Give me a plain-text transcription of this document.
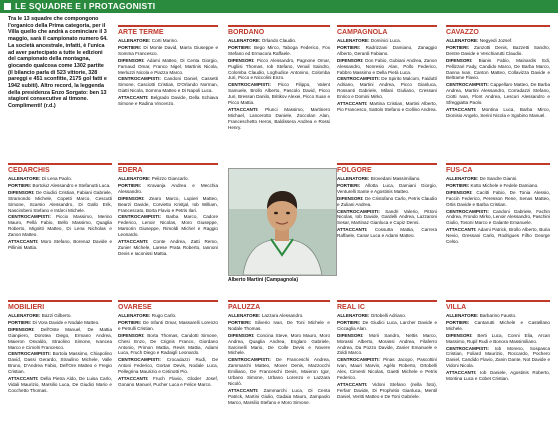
LE SQUADRE E I PROTAGONISTI
Tra le 13 squadre che compongono l'organico della Prima categoria, per il Villa quello che andrà a cominciare il 3 maggio, sarà il campionato numero 64. La società ancestrale, infatti, è l'unica ad aver partecipato a tutte le edizioni del campionato della montagna, giocando qualcosa come 1302 partite (il bilancio parla di 523 vittorie, 328 pareggi e 451 sconfitte, 2175 gol fatti e 1942 subiti). Altro record, la leggenda della presidenza Enzo Sorgato: ben 13 stagioni consecutive al timone. Complimenti! (r.d.)
Alberto Martini (Campagnola)
ARTE TERME

ALLENATORE: Corti Marino.

PORTIERI: Di Monte David, Marra Giuseppe e Somma Francesco.

DIFENSORI: Adami Matteo, Di Centa Giorgio, Farnaud Omar, Franco Nigel, Martinis Nicola, Merluzzi Nicola e Piazza Marco.

CENTROCAMPISTI: Candoni Daniel, Cassetti Simone, Casciotti Cristian, D'Orlando Norman, Giatti Nicola, Somma Matteo e Di Napoli Luca.

ATTACCANTI: Belgrado Davide, Della Schiava Simone e Radina Vincenzo.

BORDANO

ALLENATORE: Orlando Claudio.

PORTIERI: Bego Mirco, Taboga Federico, Fox Stefano ed Ermacora Raffaele.

DIFENSORI: Picco Alessandro, Pagnone Omar, Pugliisi Thomas, Iob Stefano, Venail Saindro, Colomba Claudio, Loghudice Antonino, Colomba Juri, Picco e Niccolini Enzo.

CENTROCAMPISTI: Picco Filippo, Valent Samuele, Brollo Alberto, Pascolo David, Picco Juri, Bressan Danilo, Britikov Alexei, Picco Suan e Picco Mattia.

ATTACCANTI: Plunci Massimo, Martinero Michael, Lancerotto Daniele, Zoccolan Alan, Franceschetto Heros, Baldissera Andrea e Rossi Henry.

CAMPAGNOLA

ALLENATORE: Dominici Luca.

PORTIERI: Radrizzani Damiano, Zanaggio Alberto, Gerardi Fabiano.

DIFENSORI: Don Fabio, Gubiani Andrea, Zanon Alessandro, Nonresio Alan, Pollo Federico, Fabbro Massimo e Della Pietà Luca.

CENTROCAMPISTI: De Spirito Malcom, Faiduttì Adriano, Martini Andrea, Picco Gianluca, Rossanti Gabriele, Milani Giuliano, Cressani Enrico e Domini Mirko.

ATTACCANTI: Martina Cristian, Martini Alberto, Pio Francesco, Sattolo Stefano e Gollino Andrea.

CAVAZZO

ALLENATORE: Negyedi Jozsef.

PORTIERI: Zanzotti Denis, Bazzetti Sandro, Dentre Davide e Venchiarutti Claudio.

DIFENSORI: Bianis Fabio, Mainardis Edi, Pellizzari Fady, Candido Marco, De Barba Marco, Danna Ivan, Canton Matteo, Collavizza Davide e Beltrame Flavio.

CENTROCAMPISTI: Cappellaro Matteo, De Barba Andrea, Martini Alessandro, Corradazzi Stefano, Ciotti Ivan, Flont Andrea, Lescuri Alessandro e Sfreggiatta Paolo.

ATTACCANTI: Montina Luca, Barba Mirco, Dionisio Angelo, Serini Nicola e Sgobino Manuel.

CEDARCHIS

ALLENATORE: Di Lena Paolo.

PORTIERI: Bortoluz Alessandro e Stefanutti Luca.

DIFENSORI: De Giudici Cristian, Fabiani Gabriele, Stramondo Michele, Copetti Marco, Cescutti Simone, Scarsio Alessandro, Di Gallo Erik, Nascimbeni Stefano e Intàrci Michele.

CENTROCAMPISTI: Piccio Massimo, Merino Mauro, Pellá Fabio, Bello Massimo, Quaglia Roberto, Mignitti Matteo, Di Lena Nicholas e Zanon Matteo.

ATTACCANTI: Moro Stefano, Borenaz Davide e Pillinini Mattia.

EDERA

ALLENATORE: Pelizzo Giancarlo.

PORTIERI: Kravanja Andrea e Mecchia Alessandro.

DIFENSORI: Zearo Marco, Lupieri Matteo, Bearzi Davide, Corvietto Kristjal, Iob William, Francescato, Borta Flavio e Petris Ilari.

CENTROCAMPISTI: Barba Marco, Cadore Federico, Lenoir Nicolas, Moro Giuseppe, Marsorin Giuseppe, Rimoldi Michel e Raggio Leonardo.

ATTACCANTI: Conte Andrea, Zatti Remo, Zunier Michele, Larese Prata Roberto, Iannoni Devis e Iaconissi Mattia.

FOLGORE

ALLENATORE: Brovedani Massimiliano.

PORTIERI: Allotta Luca, Damiani Giorgio, Venturelli Sante e Agostinis Matteo.

DIFENSORI: De Cristofano Carlo, Petris Claudio e Zuliani Andrea.

CENTROCAMPISTI: Sandri Valerio, Pittoni Nicolas, Iob Davide, Gardelli Andrea, Lazzaroni Sesar, Martinaz Gianluca e Cupiz Denni.

ATTACCANTI: Cossutta Mattia, Carrera Raffaele, Canar Luca e Adami Matteo.

FUS-CA

ALLENATORE: De Sandre Gianni.

PORTIERI: Kotto Michele e Fedele Damiano.

DIFENSORI: Cacitti Fabio, De Tonia Alessio, Faccin Federico, Peresson Rene, Senas Matteo, Ortis Davide e Barba Cristian.

CENTROCAMPISTI: Candoni Gabriele, Fachin Andrea, Frondo Mirko, Lenoir Alessandro, Paschini Giulio, Tosoni Marco e Galante Emanuele.

ATTACCANTI: Adami Patrick, Brollo Alberto, Buria Nevio, Gressani Carlo, Rodrigues Filho George Celso.

MOBILIERI

ALLENATORE: Bazzi Gilberto.

PORTIERI: Di Vora Davide e Nodale Matteo.

DIFENSORI: Dell'Oste Manuel, De Mattia Gianpiero, Dorotea Diego, Ermano Andrea, Maieron Osvaldo, Straolino Simone, Ivancea Marco e Cimolri Francesco.

CENTROCAMPISTI: Bortola Massimo, Chiapolino David, Dassi Gerardo, Straulino Michele, Valle Bruno, D'Andrea Fabio, Dell'Ore Matteo e Fregio Cristian.

ATTACCANTI: Della Pietra Aldo, De Luisa Carlo, Vidali Maurizio, Marsilio Luca, De Giudici Mario e Cocchetto Thomas.

OVARESE

ALLENATORE: Rugo Carlo.

PORTIERI: De Infanti Omar, Massarelli Lorenzo e Petrulli Cristian.

DIFENSORI: Borta Thomas, Candotti Simone, Chesi Enzo, De Crignis Franco, Giordano Antonio, Primon Mattia, Revis Mattia, Adami Luca, Fruch Diego e Radaiglì Leonardo.

CENTROCAMPISTI: Crocadazzi Rudi, De Antoni Federico, Gortan Devis, Nodale Luca, Pellegrina Maurizio e Cetinotti Pio.

ATTACCANTI: Fruch Flavio, Gloder Josef, Gonano Manuel, Pucher Luca e Felice Marco.

PALUZZA

ALLENATORE: Lazzara Alessandro.

PORTIERI: Silverio Ivan, De Toni Michele e Nodale Thomas.

DIFENSORI: Concina Steve, Moro Mauro, Moro Andrea, Quaglia Andrea, Englaro Gabriele, Sarcinelli Mario, De Colle Devis e Novere Michele.

CENTROCAMPISTI: De Franceschi Andrea, Zammarchi Matteo, Mover Denis, Mazzocchi Emiliano, De Franceschi Devis, Maieron Igor, Urbano Simone, Urbano Lorenzo e Lazzara Nicolò.

ATTACCANTI: Zammarchi Luca, Di Centa Patrick, Martini Giulio, Gadaia Mauro, Zampaolo Marco, Marsilio Stefano e Moro Simone.

REAL IC

ALLENATORE: Ortobelli Adriano.

PORTIERI: De Giudici Luca, Larcher Davide e Ciccaglia Alan.

DIFENSORI: Morii Sandro, Nettis Marco, Morassi Alberto, Morassi Andrea, Filaferro Andrea, Da Pozzo Davide, Zanier Emanuele e Zoldi Marco.

CENTROCAMPISTI: Pinas Jacopo, Pascottini Ivan, Mauri Marvin, Agélo Roberto, Ortobelli Alex, Cimenti Nicolas, Gaetti Michele e Petris Federico.

ATTACCANTI: Vidoni Stefano (nella foto), Ferfarr Davide, Di Prophetio Gianluca, Mentil Daniel, Veritti Matteo e De Toni Gabriele.

VILLA

ALLENATORE: Barbarino Fausto.

PORTIERI: Cantarutti Michele e Castellano Michele.

DIFENSORI: Berti Luca, Conni Elia, Arcan Massimo, Rupil Rudi e Bonora Massimiliano.

CENTROCAMPISTI: Iob Moreno, Sospasca Cristian, Foliard Maurizio, Roccardo, Pochero Daniel, Candido Flavio, Zanin Dante, Not Davide e Vidoni Nicola.

ATTACCANTI: Iob Daniele, Agostinis Roberto, Montina Luca e Cobet Cristian.
